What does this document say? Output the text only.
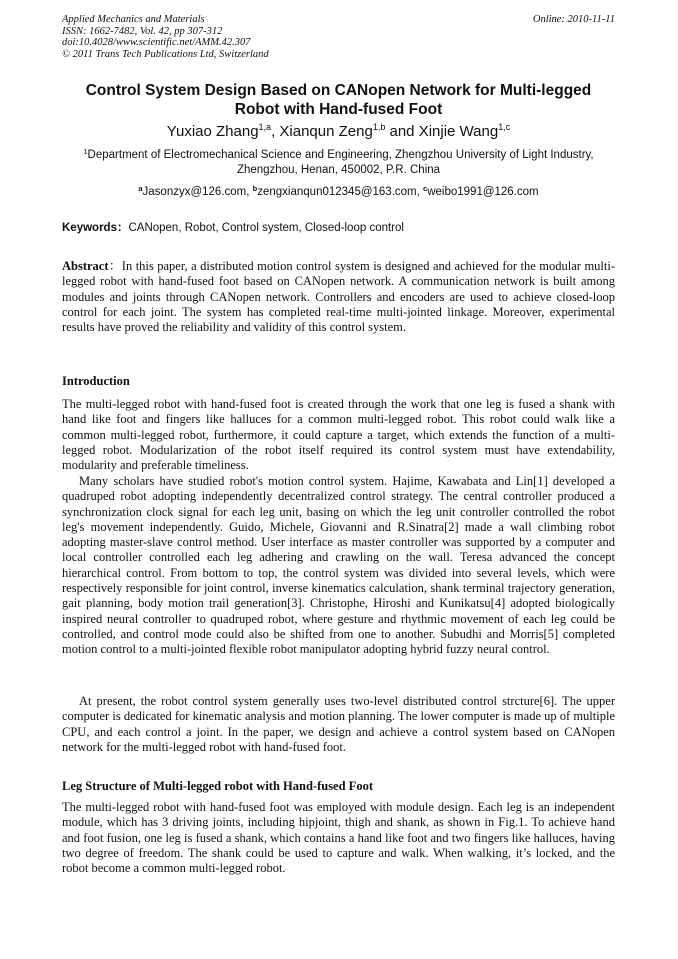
Applied Mechanics and Materials
ISSN: 1662-7482, Vol. 42, pp 307-312
doi:10.4028/www.scientific.net/AMM.42.307
© 2011 Trans Tech Publications Ltd, Switzerland
Online: 2010-11-11
Control System Design Based on CANopen Network for Multi-legged Robot with Hand-fused Foot
Yuxiao Zhang$^{1,a}$, Xianqun Zeng$^{1,b}$ and Xinjie Wang$^{1,c}$
$^1$Department of Electromechanical Science and Engineering, Zhengzhou University of Light Industry, Zhengzhou, Henan, 450002, P.R. China
$^a$Jasonzyx@126.com, $^b$zengxianqun012345@163.com, $^c$weibo1991@126.com
Keywords：CANopen, Robot, Control system, Closed-loop control
Abstract：In this paper, a distributed motion control system is designed and achieved for the modular multi-legged robot with hand-fused foot based on CANopen network. A communication network is built among modules and joints through CANopen network. Controllers and encoders are used to achieve closed-loop control for each joint. The system has completed real-time multi-jointed linkage. Moreover, experimental results have proved the reliability and validity of this control system.
Introduction
The multi-legged robot with hand-fused foot is created through the work that one leg is fused a shank with hand like foot and fingers like halluces for a common multi-legged robot. This robot could walk like a common multi-legged robot, furthermore, it could capture a target, which extends the function of a multi-legged robot. Modularization of the robot itself required its control system must have extendability, modularity and preferable timeliness.
Many scholars have studied robot's motion control system. Hajime, Kawabata and Lin[1] developed a quadruped robot adopting independently decentralized control strategy. The central controller produced a synchronization clock signal for each leg unit, basing on which the leg unit controller controlled the robot leg's movement independently. Guido, Michele, Giovanni and R.Sinatra[2] made a wall climbing robot adopting master-slave control method. User interface as master controller was supported by a computer and local controller controlled each leg adhering and crawling on the wall. Teresa advanced the concept hierarchical control. From bottom to top, the control system was divided into several levels, which were respectively responsible for joint control, inverse kinematics calculation, shank terminal trajectory generation, gait planning, body motion trail generation[3]. Christophe, Hiroshi and Kunikatsu[4] adopted biologically inspired neural controller to quadruped robot, where gesture and rhythmic movement of each leg could be controlled, and control mode could also be shifted from one to another. Subudhi and Morris[5] completed motion control to a multi-jointed flexible robot manipulator adopting hybrid fuzzy neural control.
At present, the robot control system generally uses two-level distributed control strcture[6]. The upper computer is dedicated for kinematic analysis and motion planning. The lower computer is made up of multiple CPU, and each control a joint. In the paper, we design and achieve a control system based on CANopen network for the multi-legged robot with hand-fused foot.
Leg Structure of Multi-legged robot with Hand-fused Foot
The multi-legged robot with hand-fused foot was employed with module design. Each leg is an independent module, which has 3 driving joints, including hipjoint, thigh and shank, as shown in Fig.1. To achieve hand and foot fusion, one leg is fused a shank, which contains a hand like foot and two fingers like halluces, having two degree of freedom. The shank could be used to capture and walk. When walking, it’s locked, and the robot become a common multi-legged robot.
